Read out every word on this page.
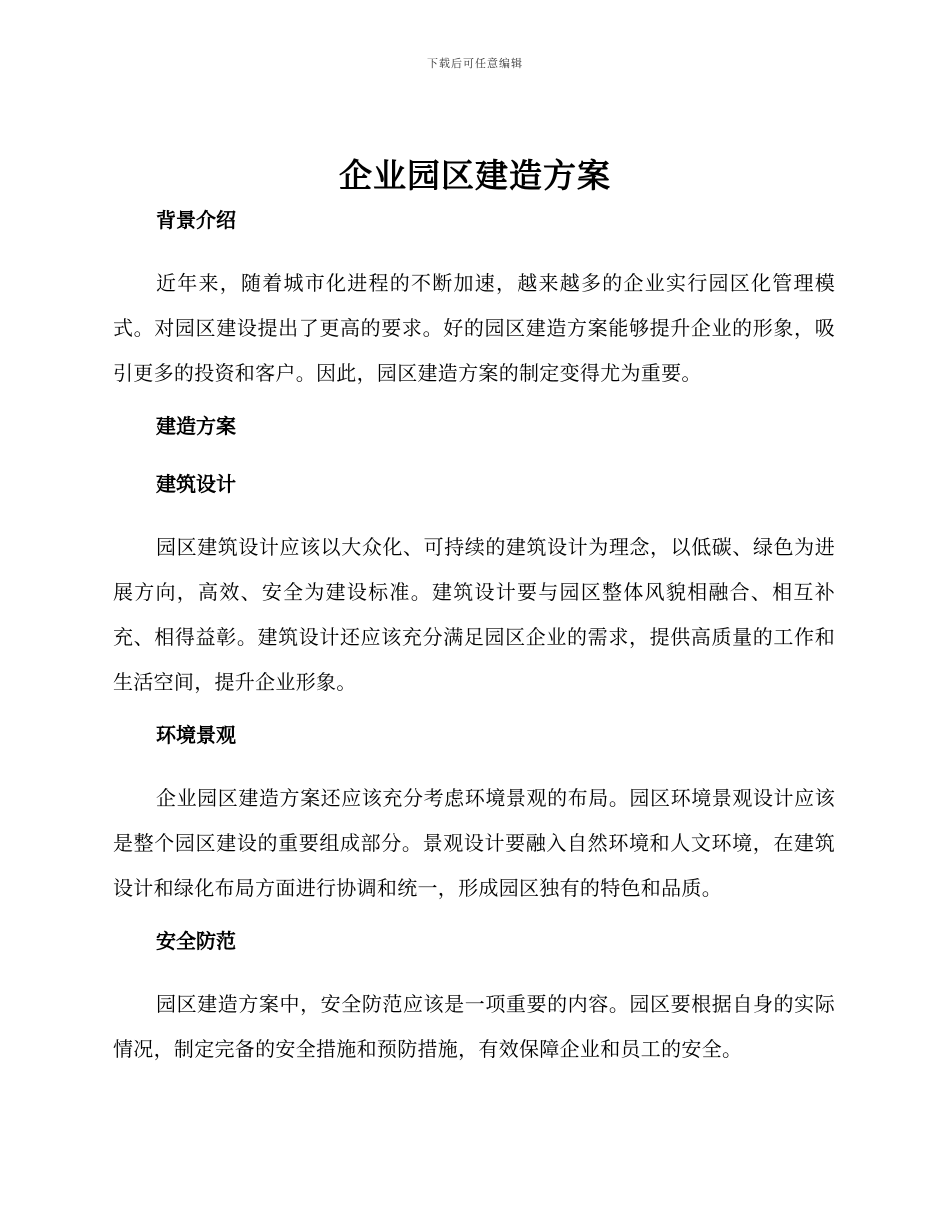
下载后可任意编辑
企业园区建造方案
背景介绍

近年来，随着城市化进程的不断加速，越来越多的企业实行园区化管理模式。对园区建设提出了更高的要求。好的园区建造方案能够提升企业的形象，吸引更多的投资和客户。因此，园区建造方案的制定变得尤为重要。

建造方案
建筑设计

园区建筑设计应该以大众化、可持续的建筑设计为理念，以低碳、绿色为进展方向，高效、安全为建设标准。建筑设计要与园区整体风貌相融合、相互补充、相得益彰。建筑设计还应该充分满足园区企业的需求，提供高质量的工作和生活空间，提升企业形象。

环境景观

企业园区建造方案还应该充分考虑环境景观的布局。园区环境景观设计应该是整个园区建设的重要组成部分。景观设计要融入自然环境和人文环境，在建筑设计和绿化布局方面进行协调和统一，形成园区独有的特色和品质。

安全防范

园区建造方案中，安全防范应该是一项重要的内容。园区要根据自身的实际情况，制定完备的安全措施和预防措施，有效保障企业和员工的安全。
